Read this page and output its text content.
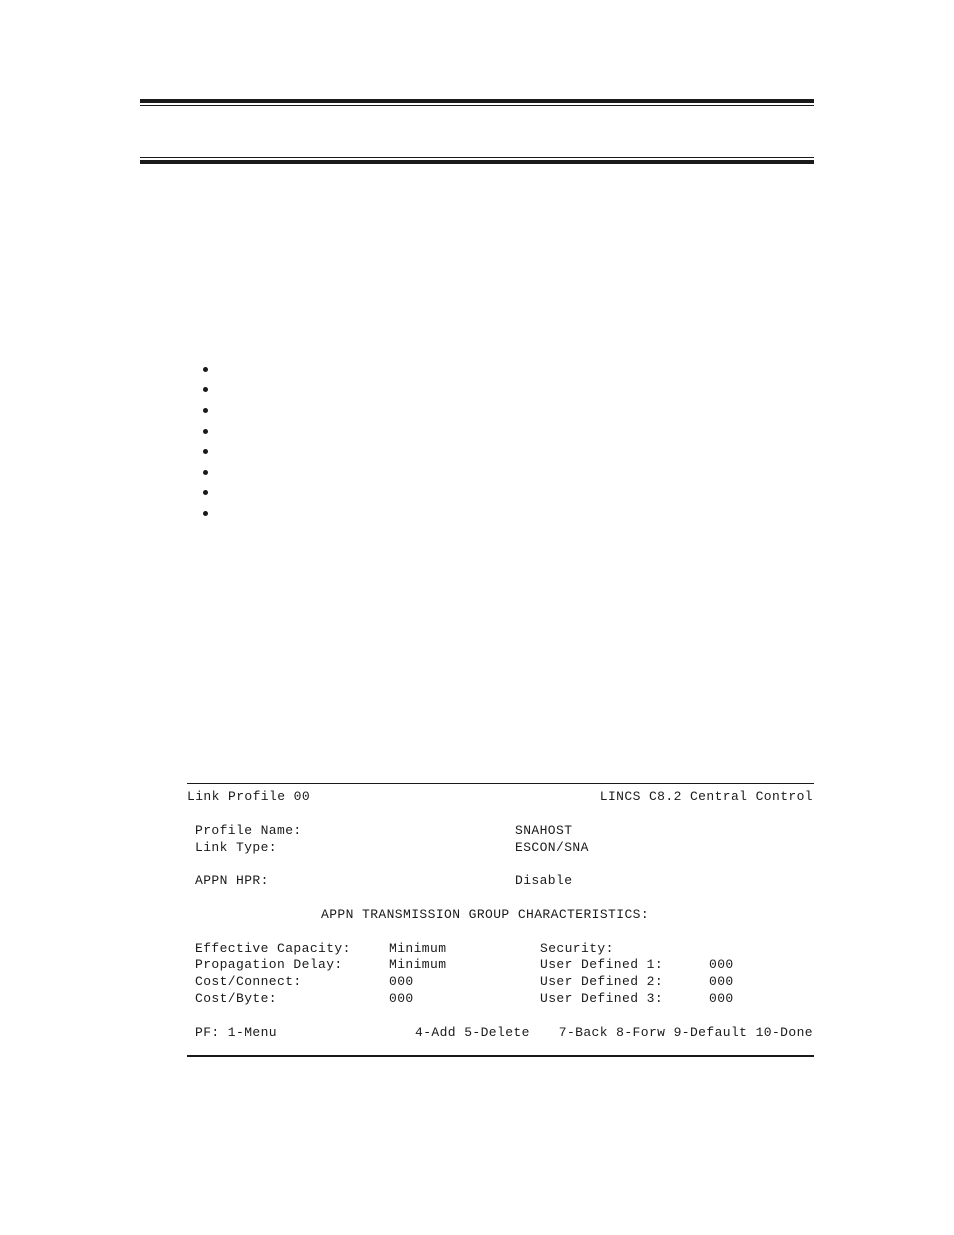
Link Profile 00	LINCS C8.2 Central Control
Profile Name:	SNAHOST
Link Type:	ESCON/SNA
APPN HPR:	Disable
APPN TRANSMISSION GROUP CHARACTERISTICS:
Effective Capacity:	Minimum	Security:
Propagation Delay:	Minimum	User Defined 1:	000
Cost/Connect:	000	User Defined 2:	000
Cost/Byte:	000	User Defined 3:	000
PF: 1-Menu	4-Add 5-Delete 7-Back 8-Forw 9-Default 10-Done
